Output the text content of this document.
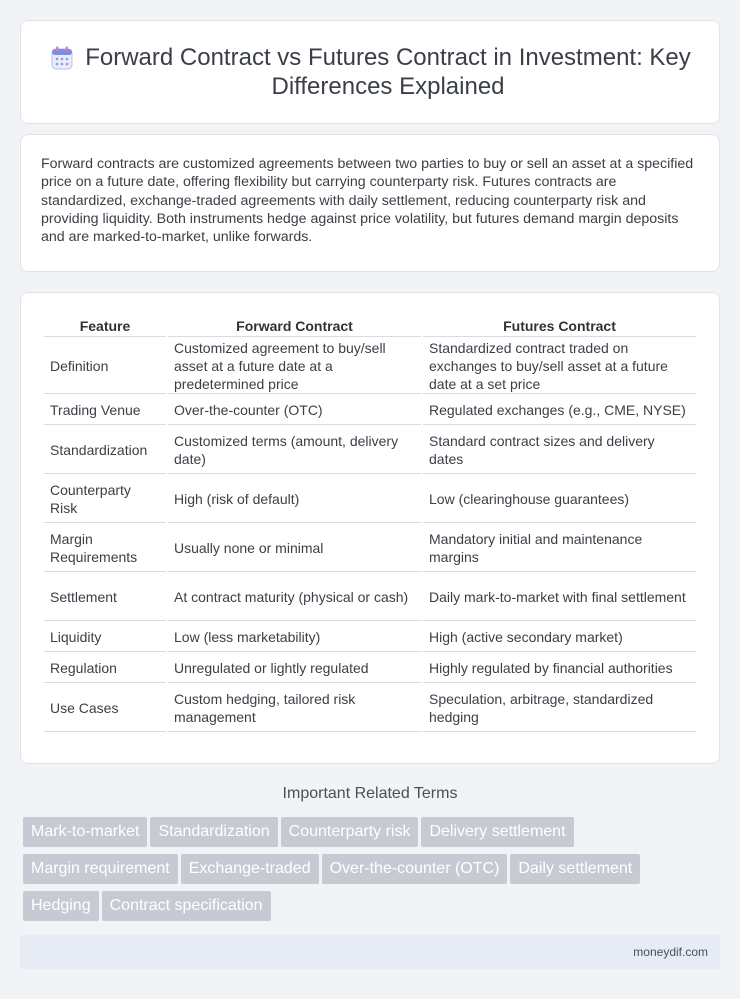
Forward Contract vs Futures Contract in Investment: Key Differences Explained

Forward contracts are customized agreements between two parties to buy or sell an asset at a specified price on a future date, offering flexibility but carrying counterparty risk. Futures contracts are standardized, exchange-traded agreements with daily settlement, reducing counterparty risk and providing liquidity. Both instruments hedge against price volatility, but futures demand margin deposits and are marked-to-market, unlike forwards.

Feature	Forward Contract	Futures Contract
Definition	Customized agreement to buy/sell asset at a future date at a predetermined price	Standardized contract traded on exchanges to buy/sell asset at a future date at a set price
Trading Venue	Over-the-counter (OTC)	Regulated exchanges (e.g., CME, NYSE)
Standardization	Customized terms (amount, delivery date)	Standard contract sizes and delivery dates
Counterparty Risk	High (risk of default)	Low (clearinghouse guarantees)
Margin Requirements	Usually none or minimal	Mandatory initial and maintenance margins
Settlement	At contract maturity (physical or cash)	Daily mark-to-market with final settlement
Liquidity	Low (less marketability)	High (active secondary market)
Regulation	Unregulated or lightly regulated	Highly regulated by financial authorities
Use Cases	Custom hedging, tailored risk management	Speculation, arbitrage, standardized hedging
Important Related Terms
Mark-to-market Standardization Counterparty risk Delivery settlement
Margin requirement Exchange-traded Over-the-counter (OTC) Daily settlement
Hedging Contract specification
moneydif.com
